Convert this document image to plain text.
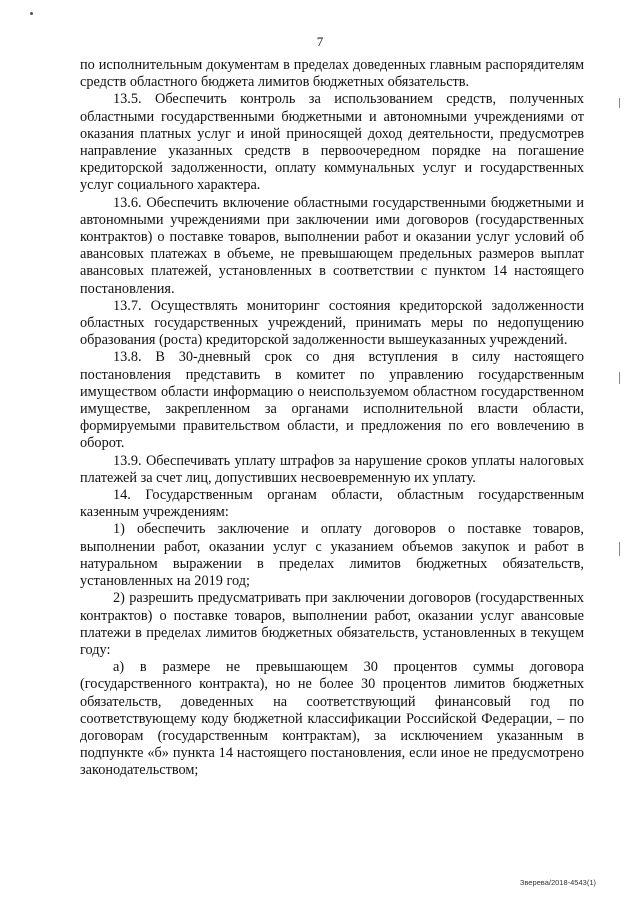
7

по исполнительным документам в пределах доведенных главным распорядителям средств областного бюджета лимитов бюджетных обязательств.

13.5. Обеспечить контроль за использованием средств, полученных областными государственными бюджетными и автономными учреждениями от оказания платных услуг и иной приносящей доход деятельности, предусмотрев направление указанных средств в первоочередном порядке на погашение кредиторской задолженности, оплату коммунальных услуг и государственных услуг социального характера.

13.6. Обеспечить включение областными государственными бюджетными и автономными учреждениями при заключении ими договоров (государственных контрактов) о поставке товаров, выполнении работ и оказании услуг условий об авансовых платежах в объеме, не превышающем предельных размеров выплат авансовых платежей, установленных в соответствии с пунктом 14 настоящего постановления.

13.7. Осуществлять мониторинг состояния кредиторской задолженности областных государственных учреждений, принимать меры по недопущению образования (роста) кредиторской задолженности вышеуказанных учреждений.

13.8. В 30-дневный срок со дня вступления в силу настоящего постановления представить в комитет по управлению государственным имуществом области информацию о неиспользуемом областном государственном имуществе, закрепленном за органами исполнительной власти области, формируемыми правительством области, и предложения по его вовлечению в оборот.

13.9. Обеспечивать уплату штрафов за нарушение сроков уплаты налоговых платежей за счет лиц, допустивших несвоевременную их уплату.

14. Государственным органам области, областным государственным казенным учреждениям:

1) обеспечить заключение и оплату договоров о поставке товаров, выполнении работ, оказании услуг с указанием объемов закупок и работ в натуральном выражении в пределах лимитов бюджетных обязательств, установленных на 2019 год;

2) разрешить предусматривать при заключении договоров (государственных контрактов) о поставке товаров, выполнении работ, оказании услуг авансовые платежи в пределах лимитов бюджетных обязательств, установленных в текущем году:

а) в размере не превышающем 30 процентов суммы договора (государственного контракта), но не более 30 процентов лимитов бюджетных обязательств, доведенных на соответствующий финансовый год по соответствующему коду бюджетной классификации Российской Федерации, – по договорам (государственным контрактам), за исключением указанным в подпункте «б» пункта 14 настоящего постановления, если иное не предусмотрено законодательством;

Зверева/2018-4543(1)
